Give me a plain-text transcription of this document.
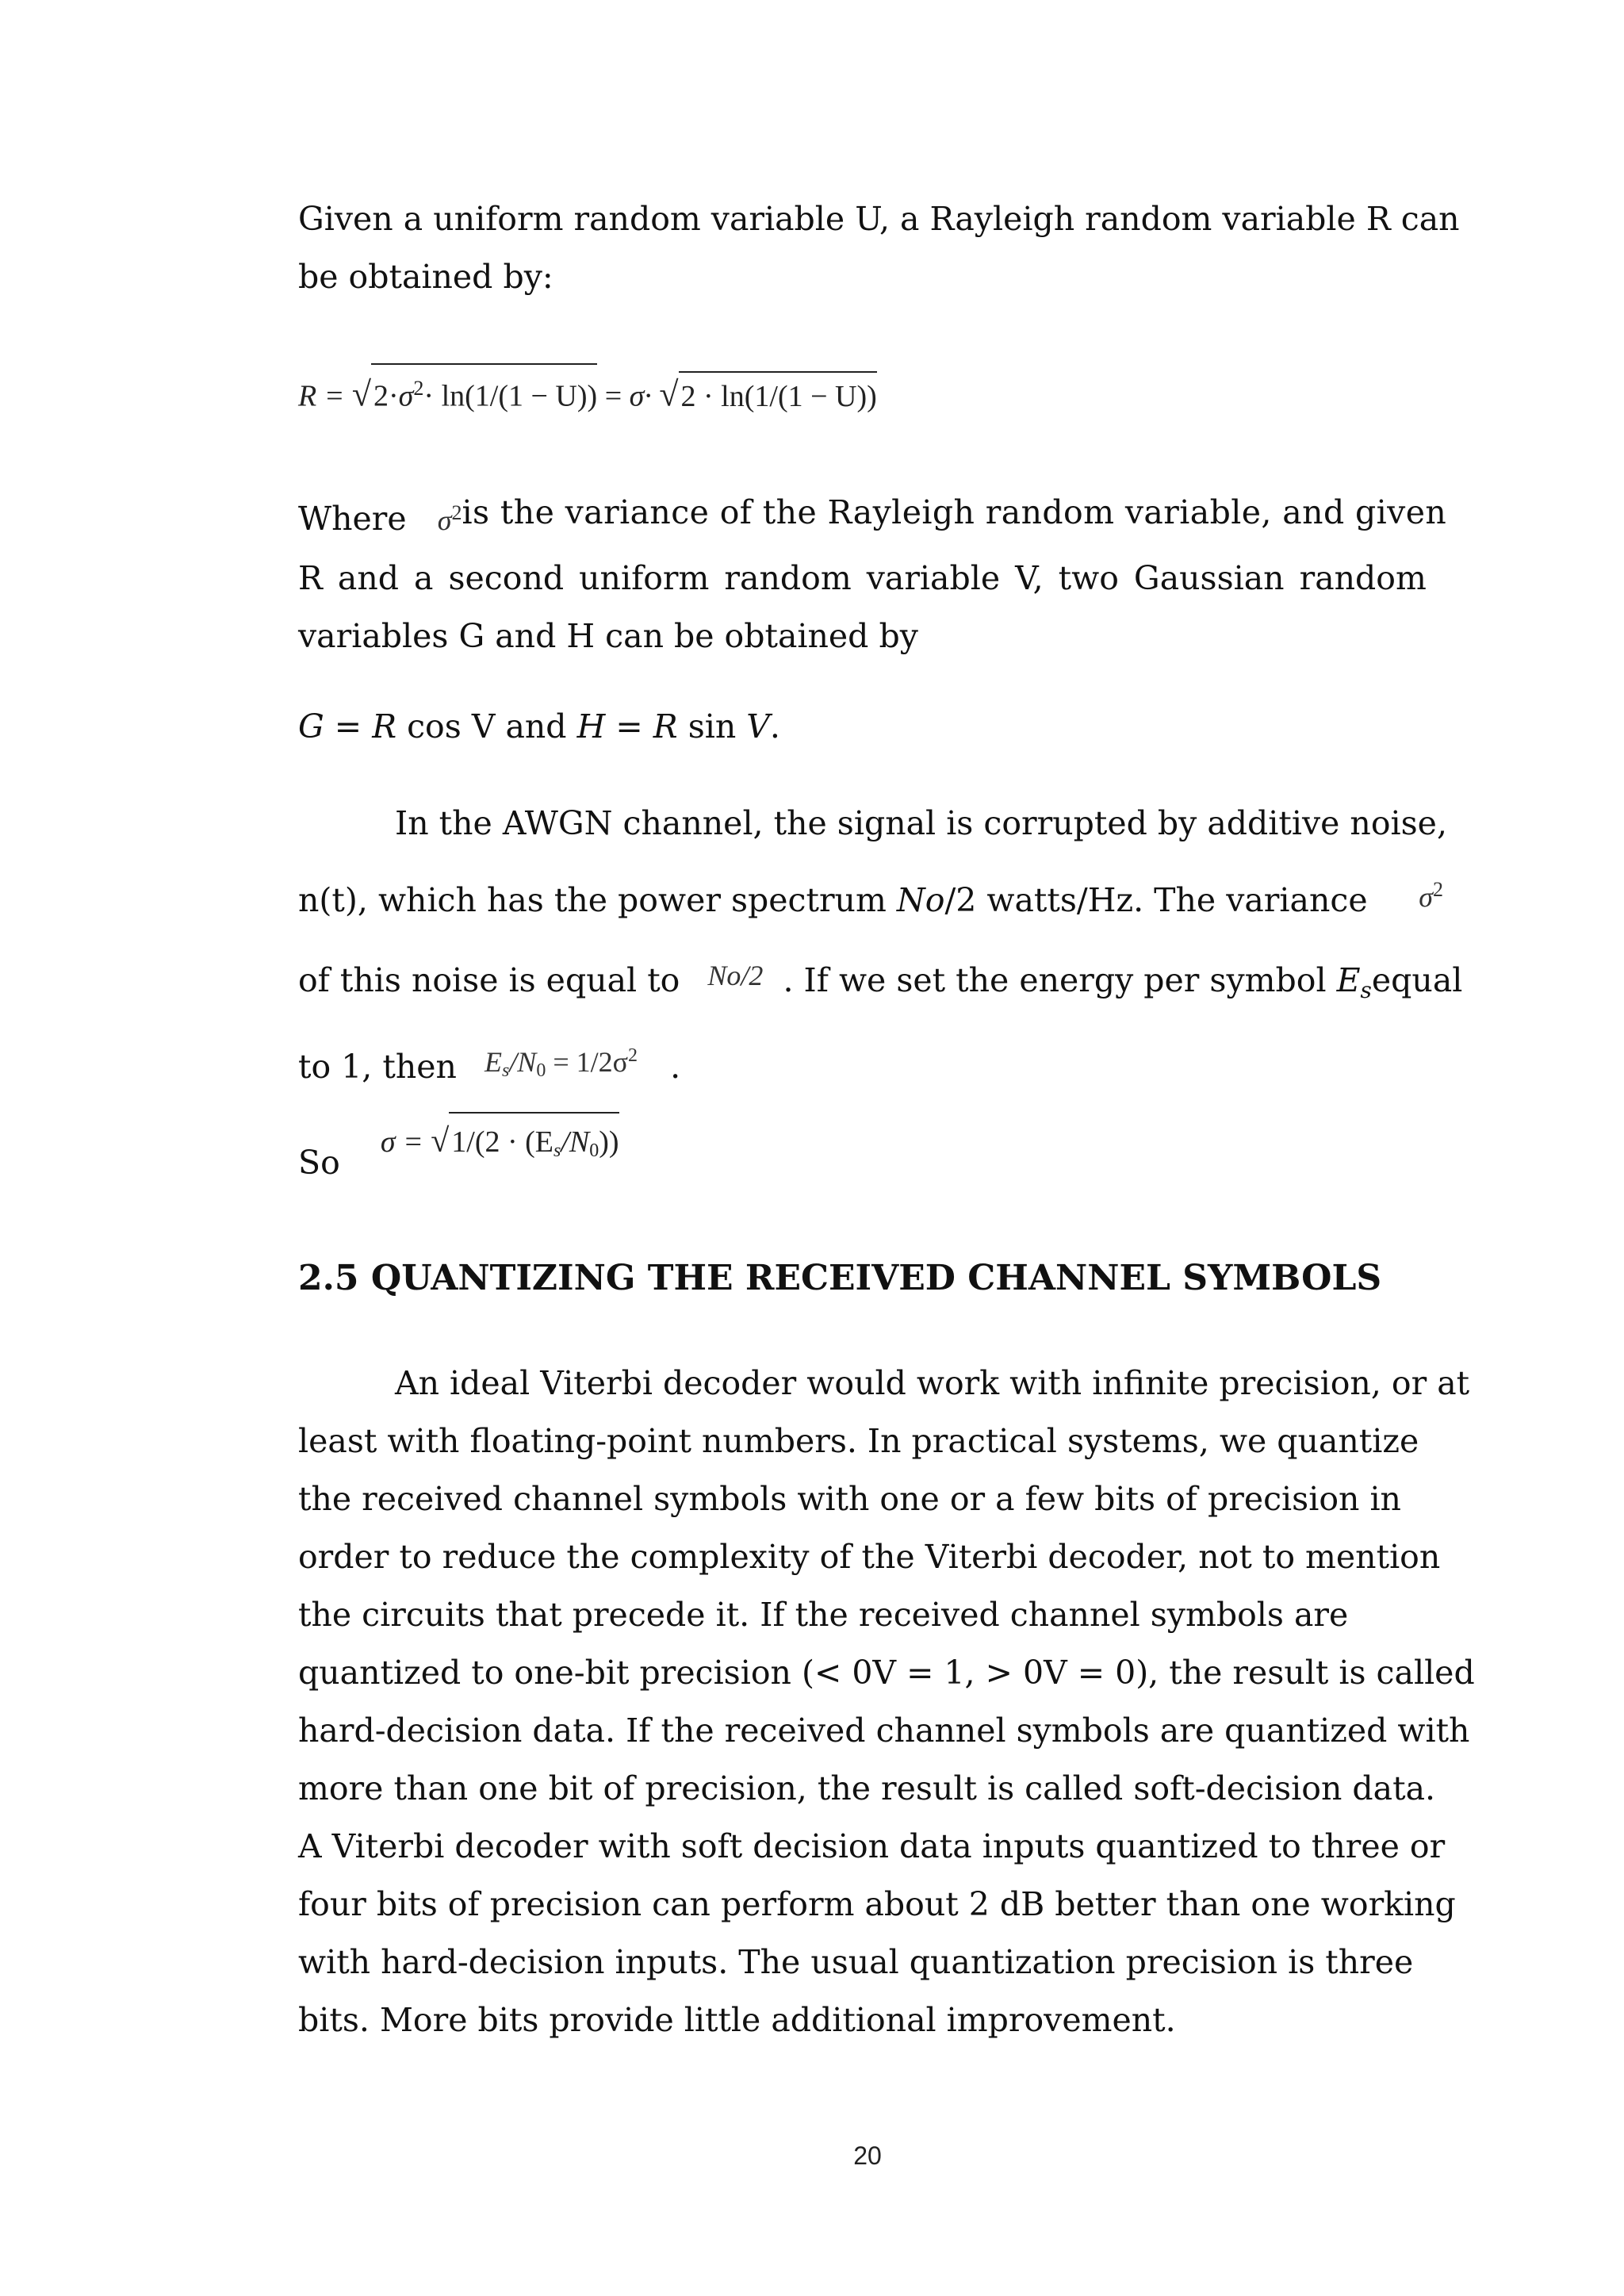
Given a uniform random variable U, a Rayleigh random variable R can
be obtained by:
$R = √2\cdot\sigma^2\cdot \ln(1/(1 - U)) = \sigma\cdot √2 \cdot \ln(1/(1 - U))$
Where $\sigma^2$ is the variance of the Rayleigh random variable, and given
R and a second uniform random variable V, two Gaussian random
variables G and H can be obtained by
G = R cos V and H = R sin V.
In the AWGN channel, the signal is corrupted by additive noise,
n(t), which has the power spectrum No/2 watts/Hz. The variance $\sigma^2$
of this noise is equal to No/2 . If we set the energy per symbol $E_s$ equal
to 1, then $Es/N0 = 1/2\sigma^2$ .
So σ = √1/(2 · (Es/N0))
2.5 QUANTIZING THE RECEIVED CHANNEL SYMBOLS
An ideal Viterbi decoder would work with infinite precision, or at
least with floating-point numbers. In practical systems, we quantize
the received channel symbols with one or a few bits of precision in
order to reduce the complexity of the Viterbi decoder, not to mention
the circuits that precede it. If the received channel symbols are
quantized to one-bit precision (< 0V = 1, > 0V = 0), the result is called
hard-decision data. If the received channel symbols are quantized with
more than one bit of precision, the result is called soft-decision data.
A Viterbi decoder with soft decision data inputs quantized to three or
four bits of precision can perform about 2 dB better than one working
with hard-decision inputs. The usual quantization precision is three
bits. More bits provide little additional improvement.
20
